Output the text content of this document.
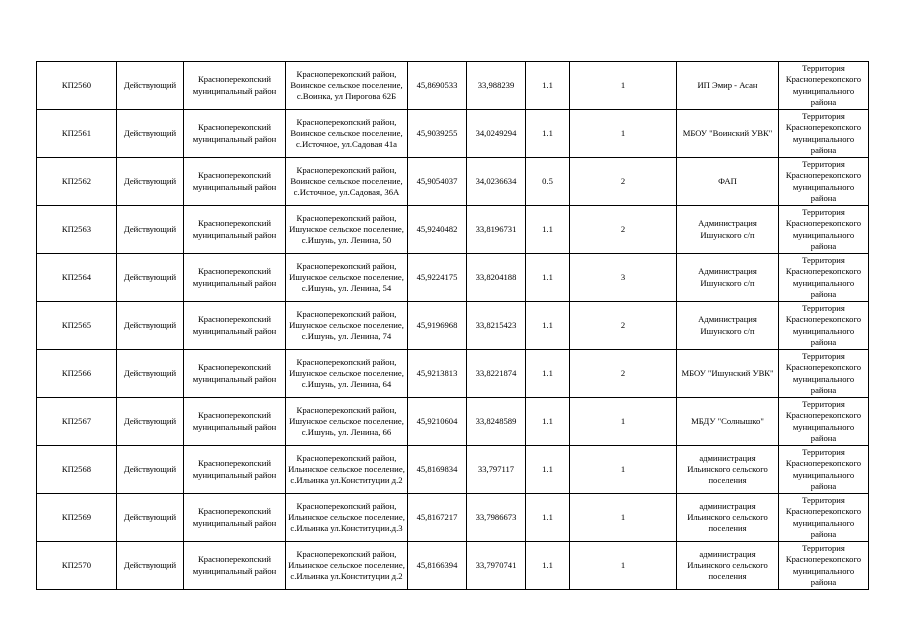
КП2560	Действующий	Красноперекопский муниципальный район	Красноперекопский район, Воинское сельское поселение, с.Воинка, ул Пирогова 62Б	45,8690533	33,988239	1.1	1	ИП Эмир - Асан	Территория Красноперекопского муниципального района
КП2561	Действующий	Красноперекопский муниципальный район	Красноперекопский район, Воинское сельское поселение, с.Источное, ул.Садовая 41а	45,9039255	34,0249294	1.1	1	МБОУ "Воинский УВК"	Территория Красноперекопского муниципального района
КП2562	Действующий	Красноперекопский муниципальный район	Красноперекопский район, Воинское сельское поселение, с.Источное, ул.Садовая, 36А	45,9054037	34,0236634	0.5	2	ФАП	Территория Красноперекопского муниципального района
КП2563	Действующий	Красноперекопский муниципальный район	Красноперекопский район, Ишунское сельское поселение, с.Ишунь, ул. Ленина, 50	45,9240482	33,8196731	1.1	2	Администрация Ишунского с/п	Территория Красноперекопского муниципального района
КП2564	Действующий	Красноперекопский муниципальный район	Красноперекопский район, Ишунское сельское поселение, с.Ишунь, ул. Ленина, 54	45,9224175	33,8204188	1.1	3	Администрация Ишунского с/п	Территория Красноперекопского муниципального района
КП2565	Действующий	Красноперекопский муниципальный район	Красноперекопский район, Ишунское сельское поселение, с.Ишунь, ул. Ленина, 74	45,9196968	33,8215423	1.1	2	Администрация Ишунского с/п	Территория Красноперекопского муниципального района
КП2566	Действующий	Красноперекопский муниципальный район	Красноперекопский район, Ишунское сельское поселение, с.Ишунь, ул. Ленина, 64	45,9213813	33,8221874	1.1	2	МБОУ "Ишунский УВК"	Территория Красноперекопского муниципального района
КП2567	Действующий	Красноперекопский муниципальный район	Красноперекопский район, Ишунское сельское поселение, с.Ишунь, ул. Ленина, 66	45,9210604	33,8248589	1.1	1	МБДУ "Солнышко"	Территория Красноперекопского муниципального района
КП2568	Действующий	Красноперекопский муниципальный район	Красноперекопский район, Ильинское сельское поселение, с.Ильинка ул.Конституции д.2	45,8169834	33,797117	1.1	1	администрация Ильинского сельского поселения	Территория Красноперекопского муниципального района
КП2569	Действующий	Красноперекопский муниципальный район	Красноперекопский район, Ильинское сельское поселение, с.Ильинка ул.Конституции.д.3	45,8167217	33,7986673	1.1	1	администрация Ильинского сельского поселения	Территория Красноперекопского муниципального района
КП2570	Действующий	Красноперекопский муниципальный район	Красноперекопский район, Ильинское сельское поселение, с.Ильинка ул.Конституции д.2	45,8166394	33,7970741	1.1	1	администрация Ильинского сельского поселения	Территория Красноперекопского муниципального района
